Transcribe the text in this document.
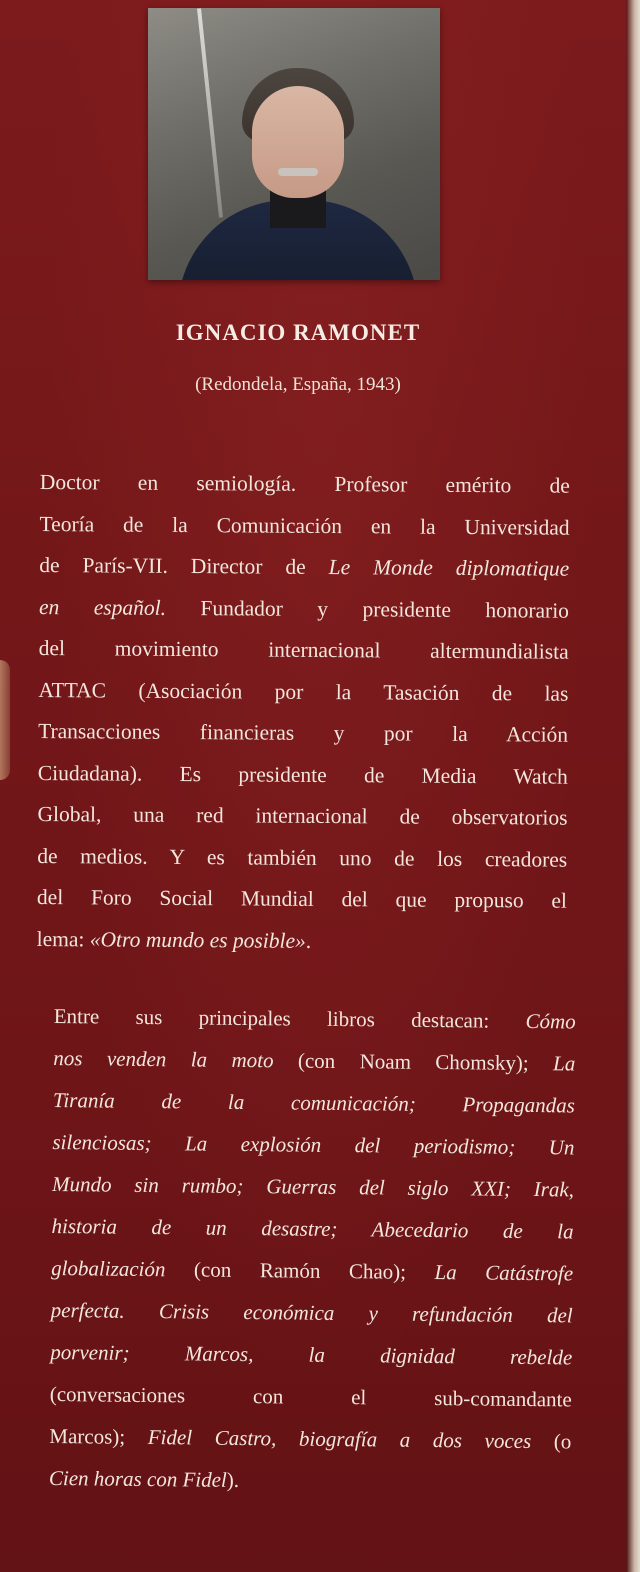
IGNACIO RAMONET
(Redondela, España, 1943)
Doctor en semiología. Profesor emérito de
Teoría de la Comunicación en la Universidad
de París-VII. Director de Le Monde diplomatique
en español. Fundador y presidente honorario
del movimiento internacional altermundialista
ATTAC (Asociación por la Tasación de las
Transacciones financieras y por la Acción
Ciudadana). Es presidente de Media Watch
Global, una red internacional de observatorios
de medios. Y es también uno de los creadores
del Foro Social Mundial del que propuso el
lema: «Otro mundo es posible».
Entre sus principales libros destacan: Cómo
nos venden la moto (con Noam Chomsky); La
Tiranía de la comunicación; Propagandas
silenciosas; La explosión del periodismo; Un
Mundo sin rumbo; Guerras del siglo XXI; Irak,
historia de un desastre; Abecedario de la
globalización (con Ramón Chao); La Catástrofe
perfecta. Crisis económica y refundación del
porvenir; Marcos, la dignidad rebelde
(conversaciones con el sub-comandante
Marcos); Fidel Castro, biografía a dos voces (o
Cien horas con Fidel).
